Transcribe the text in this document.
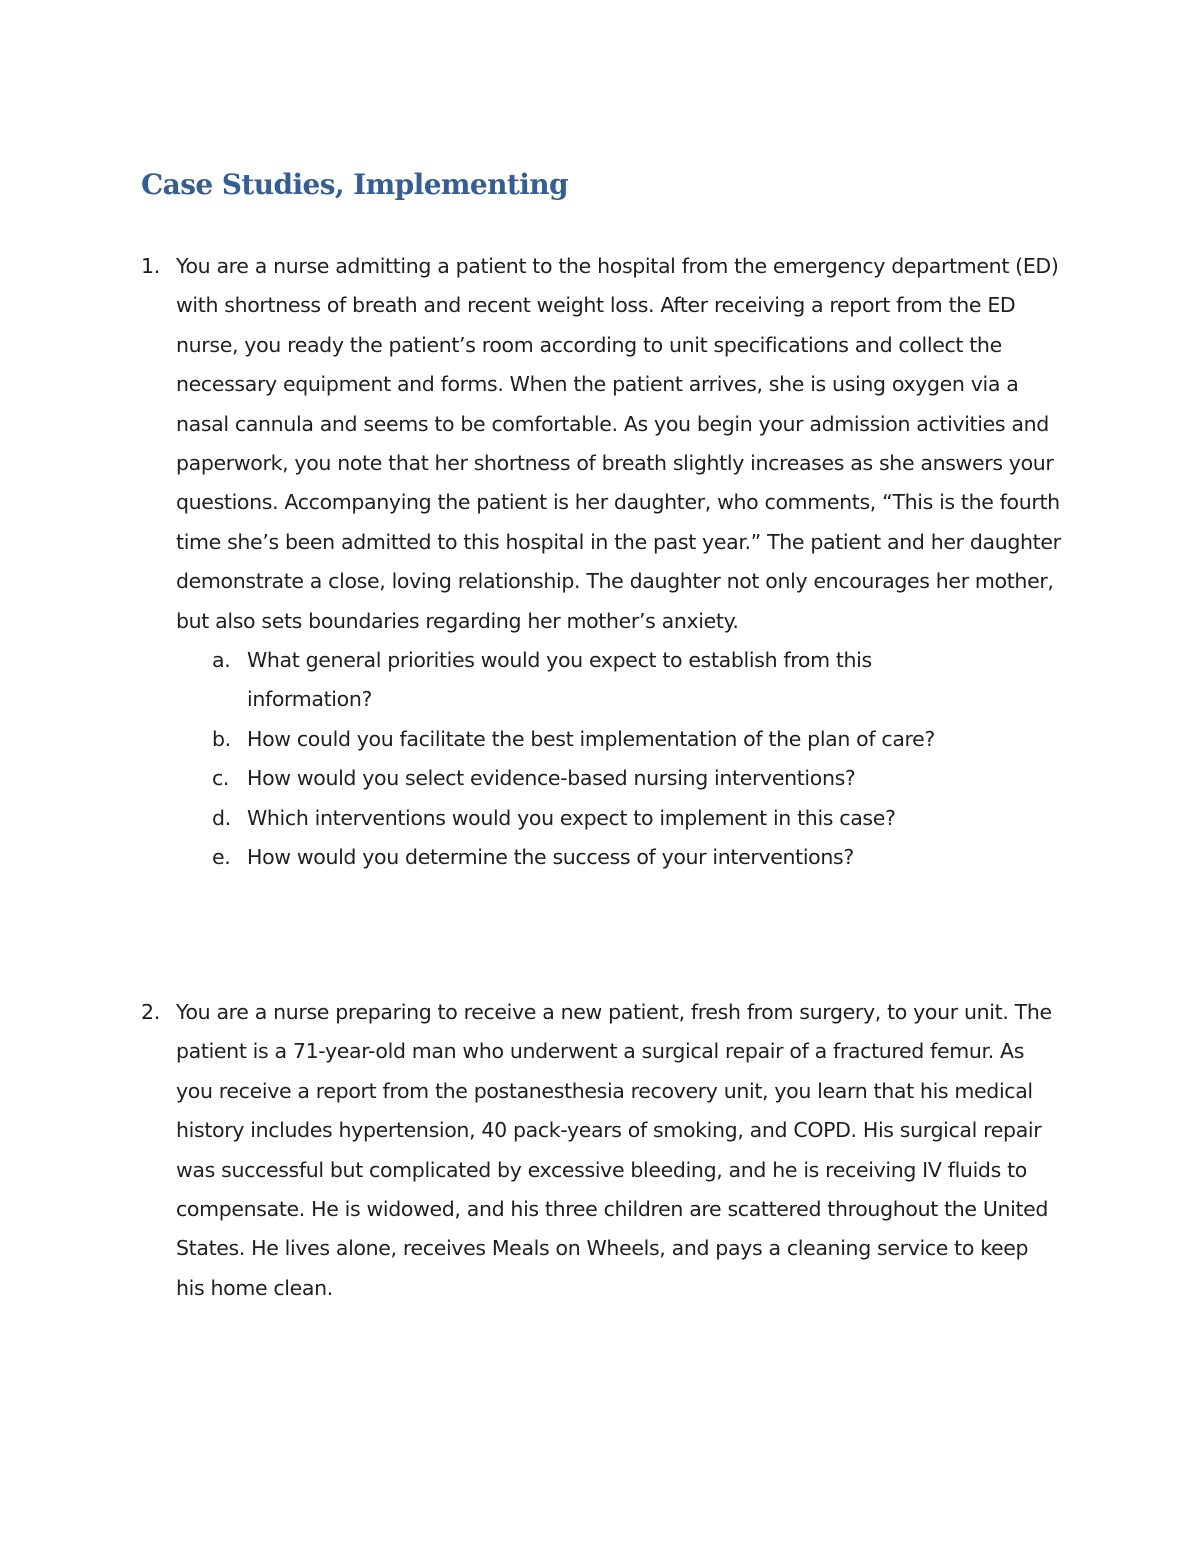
Case Studies, Implementing
1. You are a nurse admitting a patient to the hospital from the emergency department (ED) with shortness of breath and recent weight loss. After receiving a report from the ED nurse, you ready the patient’s room according to unit specifications and collect the necessary equipment and forms. When the patient arrives, she is using oxygen via a nasal cannula and seems to be comfortable. As you begin your admission activities and paperwork, you note that her shortness of breath slightly increases as she answers your questions. Accompanying the patient is her daughter, who comments, “This is the fourth time she’s been admitted to this hospital in the past year.” The patient and her daughter demonstrate a close, loving relationship. The daughter not only encourages her mother, but also sets boundaries regarding her mother’s anxiety.

a. What general priorities would you expect to establish from this information?
b. How could you facilitate the best implementation of the plan of care?
c. How would you select evidence-based nursing interventions?
d. Which interventions would you expect to implement in this case?
e. How would you determine the success of your interventions?
2. You are a nurse preparing to receive a new patient, fresh from surgery, to your unit. The patient is a 71-year-old man who underwent a surgical repair of a fractured femur. As you receive a report from the postanesthesia recovery unit, you learn that his medical history includes hypertension, 40 pack-years of smoking, and COPD. His surgical repair was successful but complicated by excessive bleeding, and he is receiving IV fluids to compensate. He is widowed, and his three children are scattered throughout the United States. He lives alone, receives Meals on Wheels, and pays a cleaning service to keep his home clean.
